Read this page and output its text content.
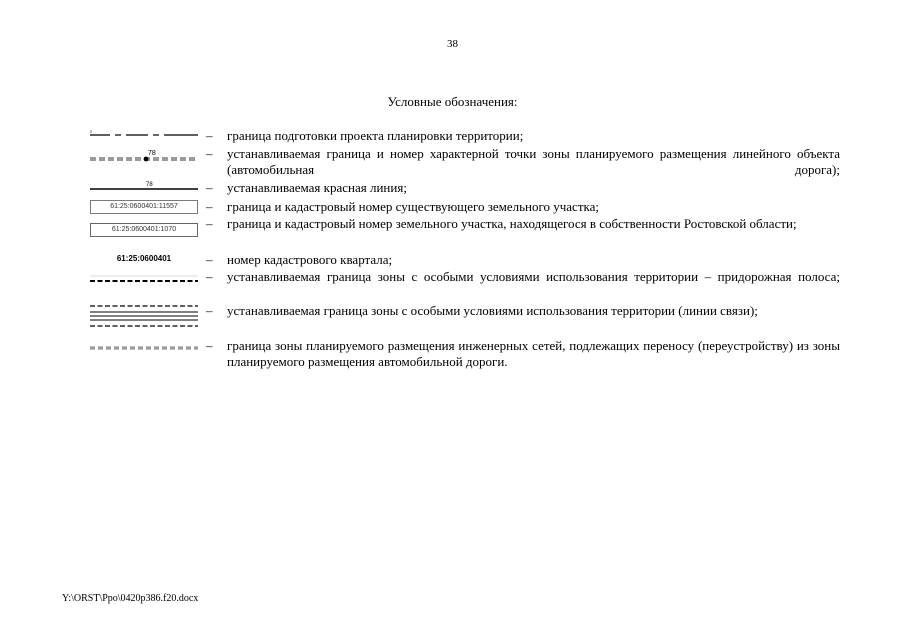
38
Условные обозначения:
– граница подготовки проекта планировки территории;
78	– устанавливаемая граница и номер характерной точки зоны планируемого размещения линейного объекта (автомобильная дорога);
78	– устанавливаемая красная линия;
61:25:0600401:11557	– граница и кадастровый номер существующего земельного участка;
61:25:0600401:1070	– граница и кадастровый номер земельного участка, находящегося в собственности Ростовской области;
61:25:0600401	– номер кадастрового квартала;
– устанавливаемая граница зоны с особыми условиями использования территории – придорожная полоса;
– устанавливаемая граница зоны с особыми условиями использования территории (линии связи);
– граница зоны планируемого размещения инженерных сетей, подлежащих переносу (переустройству) из зоны планируемого размещения автомобильной дороги.
Y:\ORST\Ppo\0420p386.f20.docx
